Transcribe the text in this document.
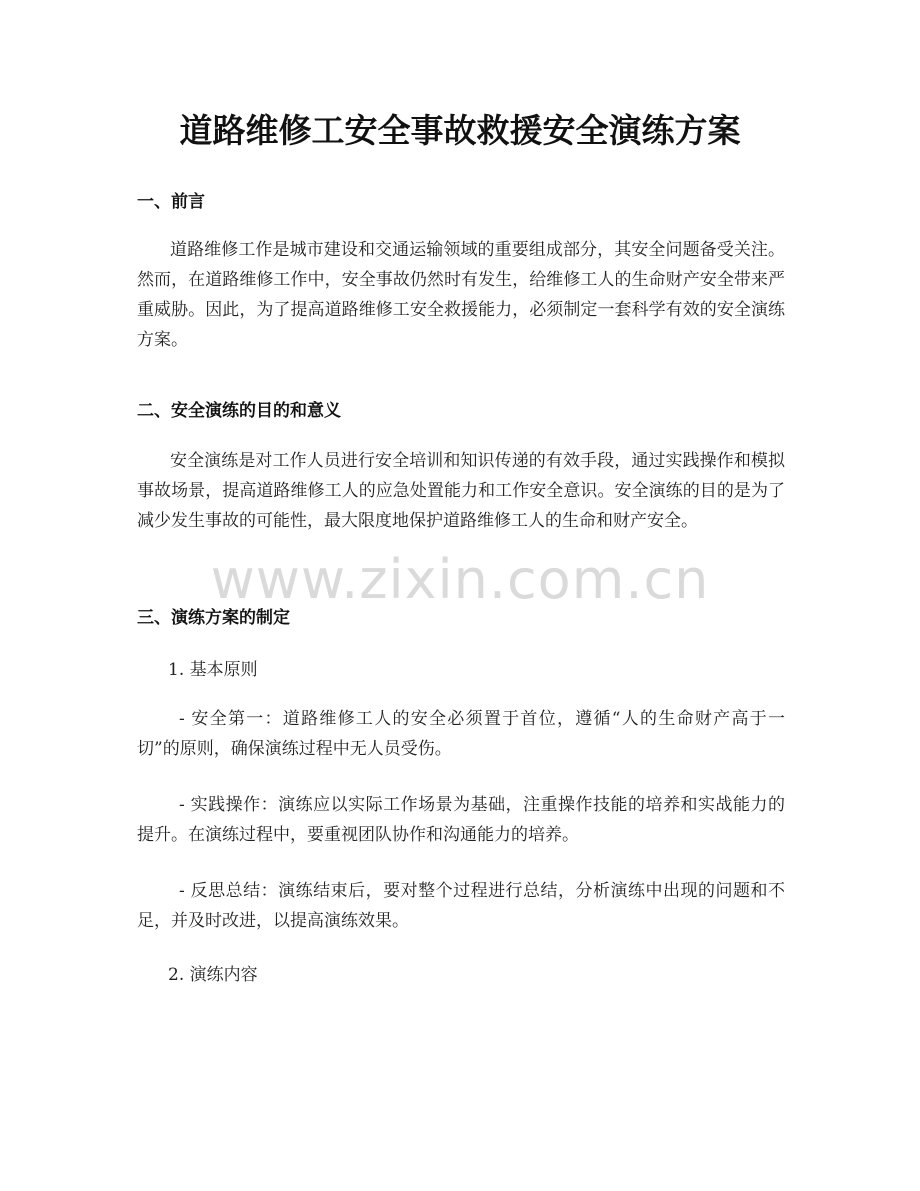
www.zixin.com.cn
道路维修工安全事故救援安全演练方案
一、前言

道路维修工作是城市建设和交通运输领域的重要组成部分，其安全问题备受关注。然而，在道路维修工作中，安全事故仍然时有发生，给维修工人的生命财产安全带来严重威胁。因此，为了提高道路维修工安全救援能力，必须制定一套科学有效的安全演练方案。

二、安全演练的目的和意义

安全演练是对工作人员进行安全培训和知识传递的有效手段，通过实践操作和模拟事故场景，提高道路维修工人的应急处置能力和工作安全意识。安全演练的目的是为了减少发生事故的可能性，最大限度地保护道路维修工人的生命和财产安全。

三、演练方案的制定
1. 基本原则

- 安全第一：道路维修工人的安全必须置于首位，遵循“人的生命财产高于一切”的原则，确保演练过程中无人员受伤。

- 实践操作：演练应以实际工作场景为基础，注重操作技能的培养和实战能力的提升。在演练过程中，要重视团队协作和沟通能力的培养。

- 反思总结：演练结束后，要对整个过程进行总结，分析演练中出现的问题和不足，并及时改进，以提高演练效果。

2. 演练内容
